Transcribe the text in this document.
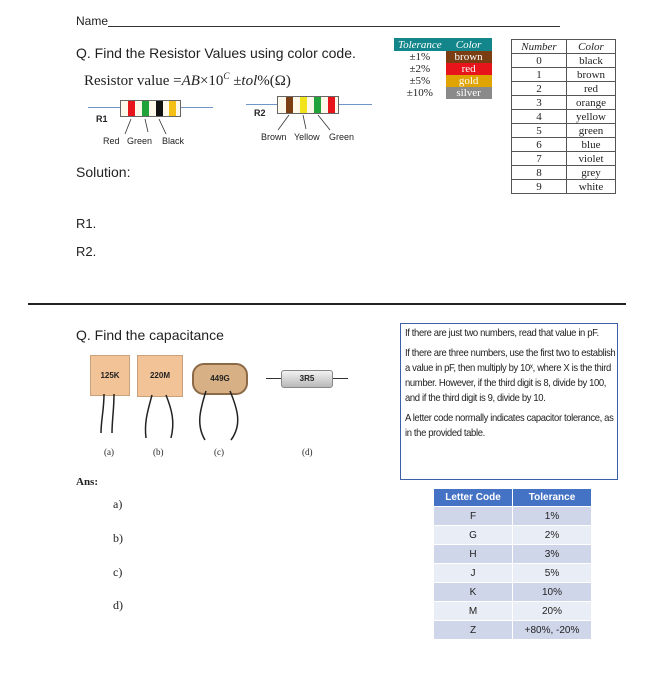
Name
Q. Find the Resistor Values using color code.
Resistor value $=AB\times 10^C \pm tol\%(\Omega)$
R1
Red Green Black
R2
Brown Yellow Green
Solution:
R1.
R2.
Tolerance	Color
±1%	brown
±2%	red
±5%	gold
±10%	silver
Number	Color
0	black
1	brown
2	red
3	orange
4	yellow
5	green
6	blue
7	violet
8	grey
9	white
Q. Find the capacitance
125K	220M	449G	3R5
(a)	(b)	(c)	(d)
Ans:
a)
b)
c)
d)

If there are just two numbers, read that value in pF.

If there are three numbers, use the first two to establish a value in pF, then multiply by 10ˣ, where X is the third number. However, if the third digit is 8, divide by 100, and if the third digit is 9, divide by 10.

A letter code normally indicates capacitor tolerance, as in the provided table.

Letter Code	Tolerance
F	1%
G	2%
H	3%
J	5%
K	10%
M	20%
Z	+80%, -20%
